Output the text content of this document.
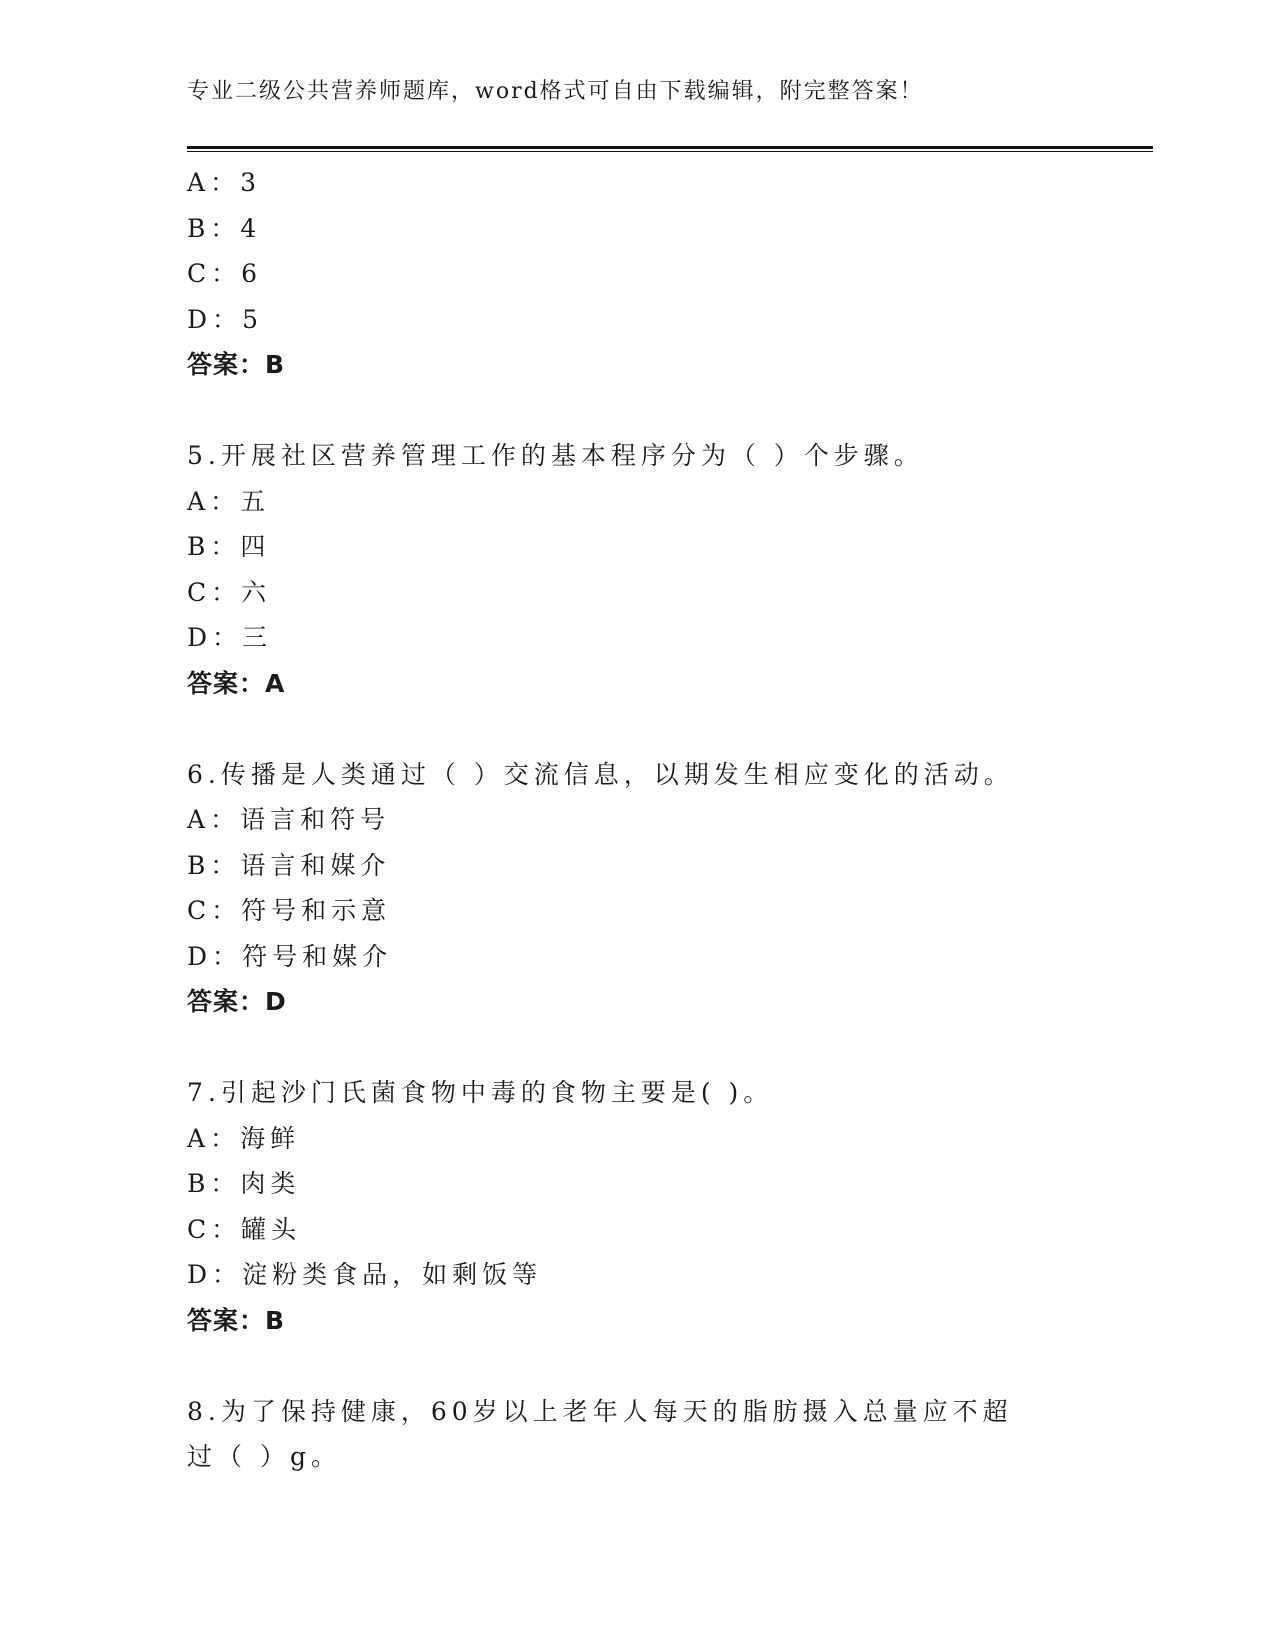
专业二级公共营养师题库，word格式可自由下载编辑，附完整答案！
A：3
B：4
C：6
D：5
答案：B
5.开展社区营养管理工作的基本程序分为（ ）个步骤。
A：五
B：四
C：六
D：三
答案：A
6.传播是人类通过（ ）交流信息，以期发生相应变化的活动。
A：语言和符号
B：语言和媒介
C：符号和示意
D：符号和媒介
答案：D
7.引起沙门氏菌食物中毒的食物主要是( )。
A：海鲜
B：肉类
C：罐头
D：淀粉类食品，如剩饭等
答案：B
8.为了保持健康，60岁以上老年人每天的脂肪摄入总量应不超过（ ）g。
